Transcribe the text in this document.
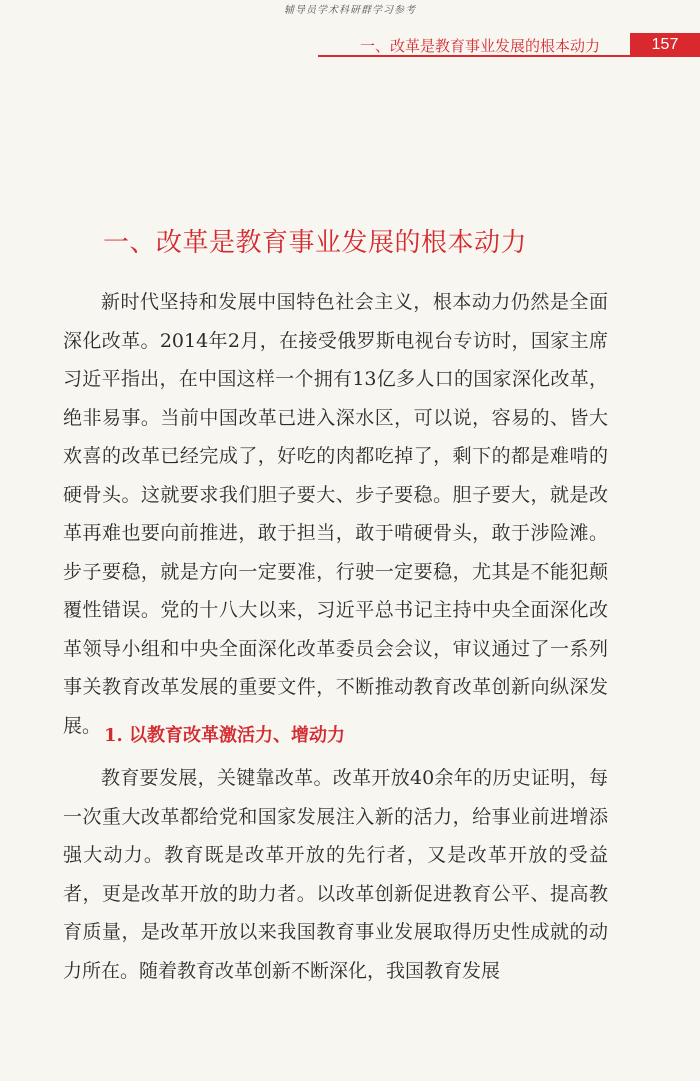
辅导员学术科研群学习参考
一、改革是教育事业发展的根本动力	157
一、改革是教育事业发展的根本动力

新时代坚持和发展中国特色社会主义，根本动力仍然是全面深化改革。2014年2月，在接受俄罗斯电视台专访时，国家主席习近平指出，在中国这样一个拥有13亿多人口的国家深化改革，绝非易事。当前中国改革已进入深水区，可以说，容易的、皆大欢喜的改革已经完成了，好吃的肉都吃掉了，剩下的都是难啃的硬骨头。这就要求我们胆子要大、步子要稳。胆子要大，就是改革再难也要向前推进，敢于担当，敢于啃硬骨头，敢于涉险滩。步子要稳，就是方向一定要准，行驶一定要稳，尤其是不能犯颠覆性错误。党的十八大以来，习近平总书记主持中央全面深化改革领导小组和中央全面深化改革委员会会议，审议通过了一系列事关教育改革发展的重要文件，不断推动教育改革创新向纵深发展。 1. 以教育改革激活力、增动力

教育要发展，关键靠改革。改革开放40余年的历史证明，每一次重大改革都给党和国家发展注入新的活力，给事业前进增添强大动力。教育既是改革开放的先行者，又是改革开放的受益者，更是改革开放的助力者。以改革创新促进教育公平、提高教育质量，是改革开放以来我国教育事业发展取得历史性成就的动力所在。随着教育改革创新不断深化，我国教育发展
